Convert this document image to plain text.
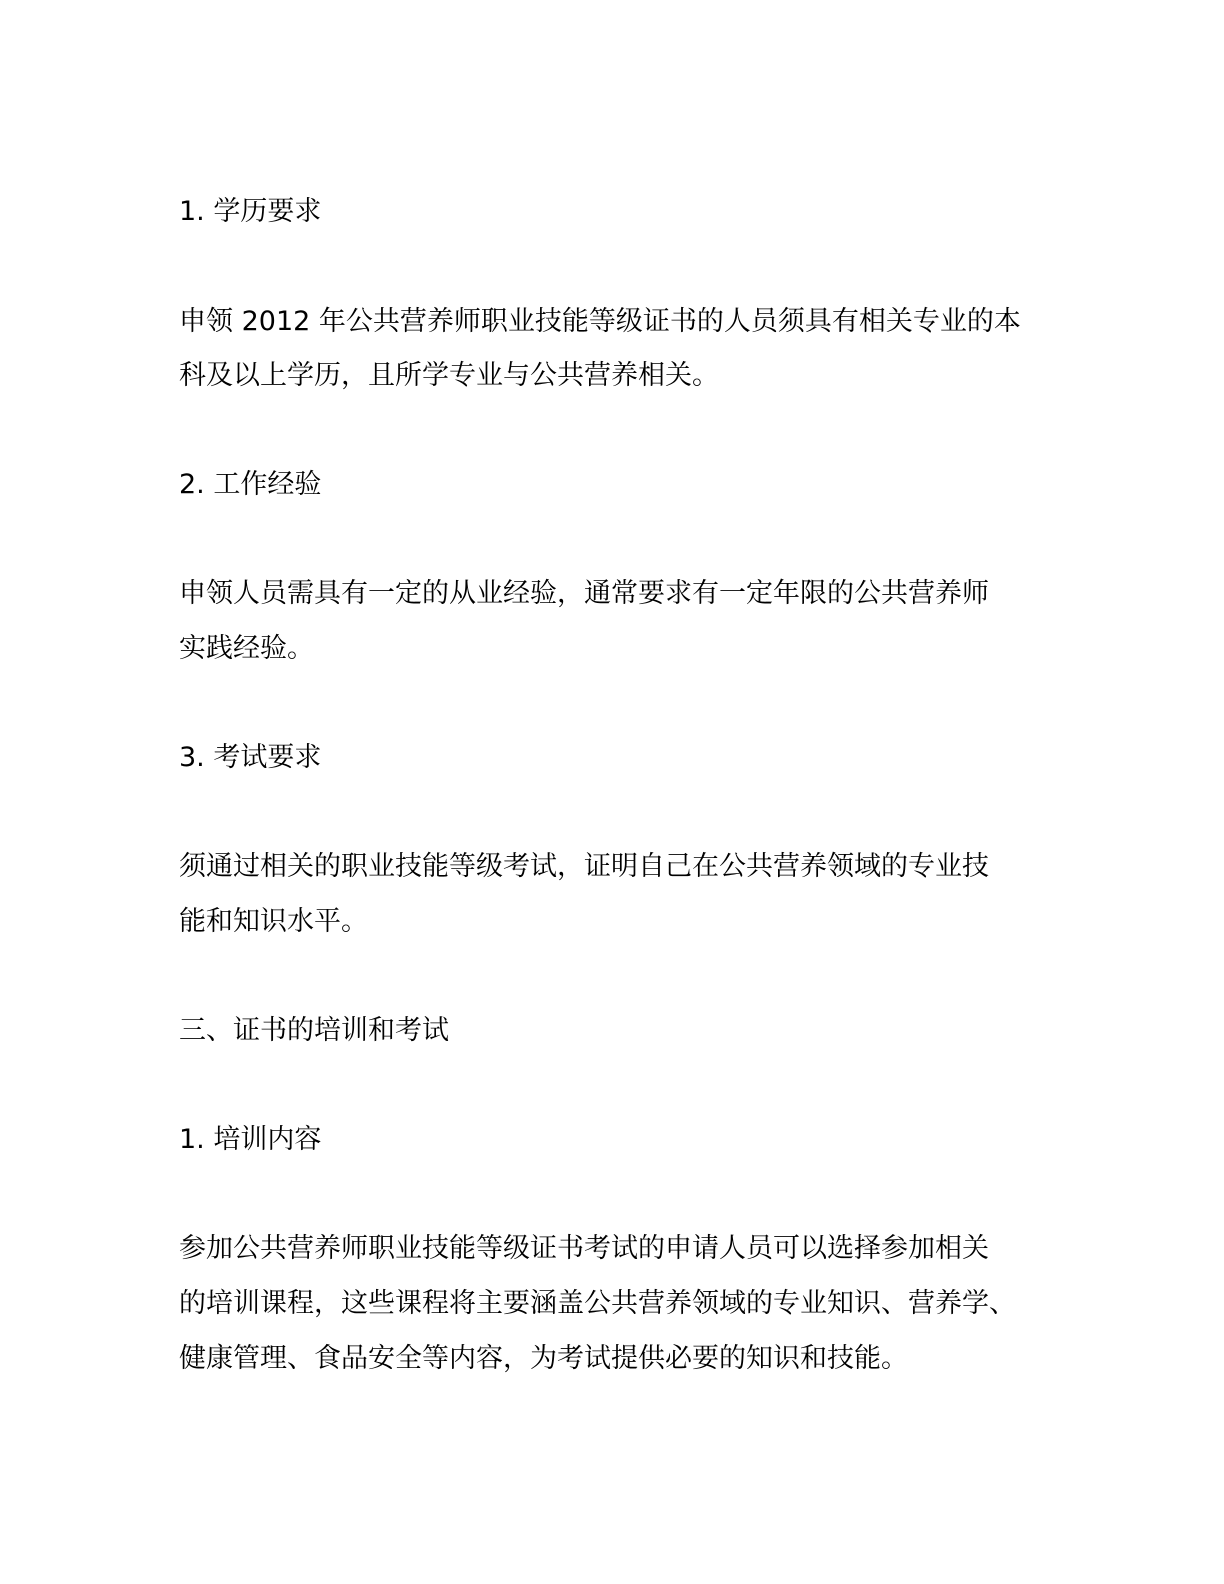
1. 学历要求

申领 2012 年公共营养师职业技能等级证书的人员须具有相关专业的本

科及以上学历，且所学专业与公共营养相关。

2. 工作经验

申领人员需具有一定的从业经验，通常要求有一定年限的公共营养师

实践经验。

3. 考试要求

须通过相关的职业技能等级考试，证明自己在公共营养领域的专业技

能和知识水平。

三、证书的培训和考试

1. 培训内容

参加公共营养师职业技能等级证书考试的申请人员可以选择参加相关

的培训课程，这些课程将主要涵盖公共营养领域的专业知识、营养学、

健康管理、食品安全等内容，为考试提供必要的知识和技能。
